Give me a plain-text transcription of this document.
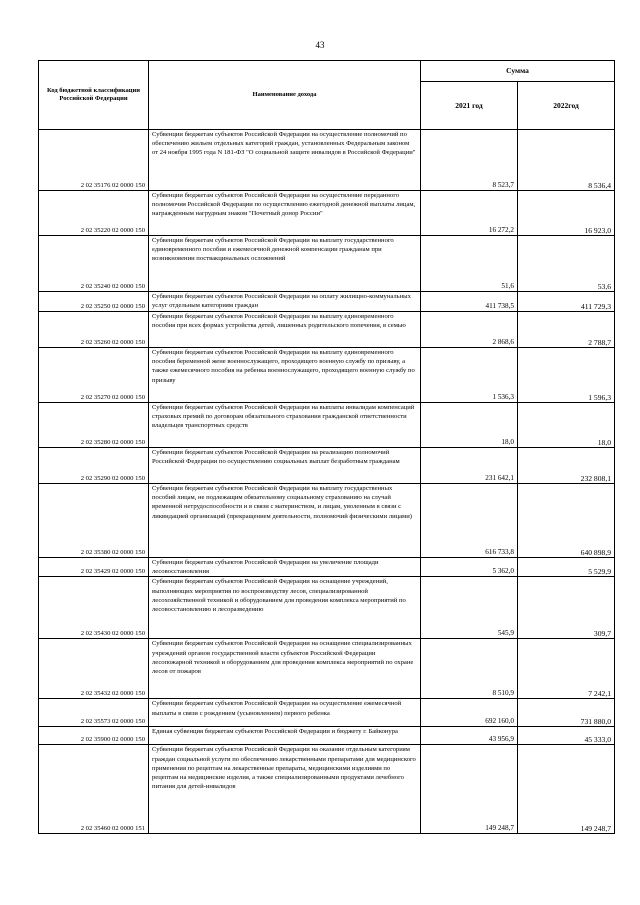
43
Код бюджетной классификации Российской Федерации	Наименование дохода	Сумма	
		2021 год	2022год
2 02 35176 02 0000 150	Субвенции бюджетам субъектов Российской Федерации на осуществление полномочий по обеспечению жильем отдельных категорий граждан, установленных Федеральным законом от 24 ноября 1995 года N 181-ФЗ "О социальной защите инвалидов в Российской Федерации"	8 523,7	8 536,4
2 02 35220 02 0000 150	Субвенции бюджетам субъектов Российской Федерации на осуществление переданного полномочия Российской Федерации по осуществлению ежегодной денежной выплаты лицам, награжденным нагрудным знаком "Почетный донор России"	16 272,2	16 923,0
2 02 35240 02 0000 150	Субвенции бюджетам субъектов Российской Федерации на выплату государственного единовременного пособия и ежемесячной денежной компенсации гражданам при возникновении поствакцинальных осложнений	51,6	53,6
2 02 35250 02 0000 150	Субвенции бюджетам субъектов Российской Федерации на оплату жилищно-коммунальных услуг отдельным категориям граждан	411 738,5	411 729,3
2 02 35260 02 0000 150	Субвенции бюджетам субъектов Российской Федерации на выплату единовременного пособия при всех формах устройства детей, лишенных родительского попечения, в семью	2 868,6	2 788,7
2 02 35270 02 0000 150	Субвенции бюджетам субъектов Российской Федерации на выплату единовременного пособия беременной жене военнослужащего, проходящего военную службу по призыву, а также ежемесячного пособия на ребенка военнослужащего, проходящего военную службу по призыву	1 536,3	1 596,3
2 02 35280 02 0000 150	Субвенции бюджетам субъектов Российской Федерации на выплаты инвалидам компенсаций страховых премий по договорам обязательного страхования гражданской ответственности владельцев транспортных средств	18,0	18,0
2 02 35290 02 0000 150	Субвенции бюджетам субъектов Российской Федерации на реализацию полномочий Российской Федерации по осуществлению социальных выплат безработным гражданам	231 642,1	232 808,1
2 02 35380 02 0000 150	Субвенции бюджетам субъектов Российской Федерации на выплату государственных пособий лицам, не подлежащим обязательному социальному страхованию на случай временной нетрудоспособности и в связи с материнством, и лицам, уволенным в связи с ликвидацией организаций (прекращением деятельности, полномочий физическими лицами)	616 733,8	640 898,9
2 02 35429 02 0000 150	Субвенции бюджетам субъектов Российской Федерации на увеличение площади лесовосстановления	5 362,0	5 529,9
2 02 35430 02 0000 150	Субвенции бюджетам субъектов Российской Федерации на оснащение учреждений, выполняющих мероприятия по воспроизводству лесов, специализированной лесохозяйственной техникой и оборудованием для проведения комплекса мероприятий по лесовосстановлению и лесоразведению	545,9	309,7
2 02 35432 02 0000 150	Субвенции бюджетам субъектов Российской Федерации на оснащение специализированных учреждений органов государственной власти субъектов Российской Федерации лесопожарной техникой и оборудованием для проведения комплекса мероприятий по охране лесов от пожаров	8 510,9	7 242,1
2 02 35573 02 0000 150	Субвенции бюджетам субъектов Российской Федерации на осуществление ежемесячной выплаты в связи с рождением (усыновлением) первого ребенка	692 160,0	731 880,0
2 02 35900 02 0000 150	Единая субвенция бюджетам субъектов Российской Федерации и бюджету г. Байконура	43 956,9	45 333,0
2 02 35460 02 0000 151	Субвенции бюджетам субъектов Российской Федерации на оказание отдельным категориям граждан социальной услуги по обеспечению лекарственными препаратами для медицинского применения по рецептам на лекарственные препараты, медицинскими изделиями по рецептам на медицинские изделия, а также специализированными продуктами лечебного питания для детей-инвалидов	149 248,7	149 248,7
